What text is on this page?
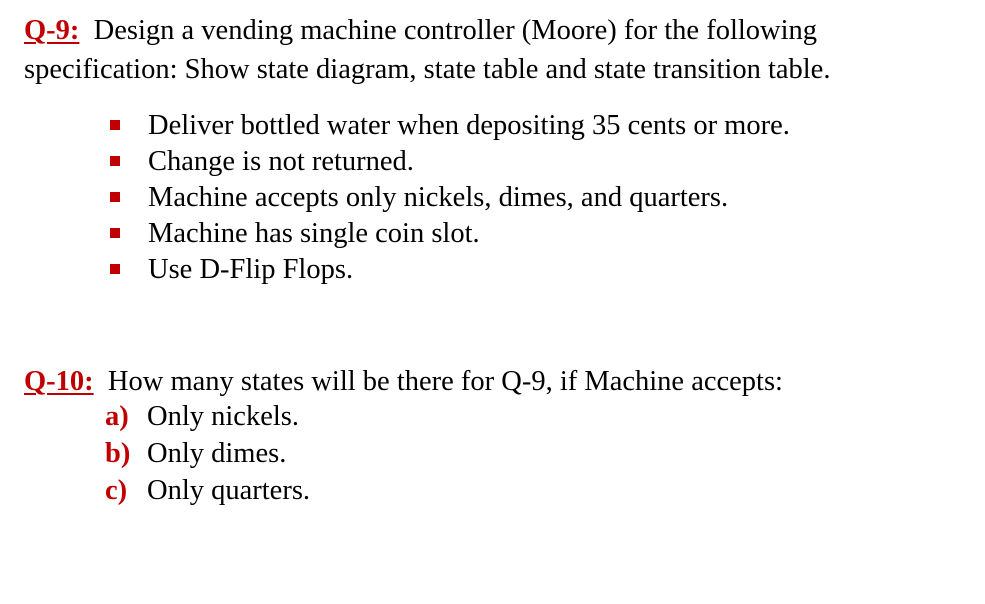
Q-9: Design a vending machine controller (Moore) for the following
specification: Show state diagram, state table and state transition table.

Deliver bottled water when depositing 35 cents or more.
Change is not returned.
Machine accepts only nickels, dimes, and quarters.
Machine has single coin slot.
Use D-Flip Flops.

Q-10: How many states will be there for Q-9, if Machine accepts:

a) Only nickels.
b) Only dimes.
c) Only quarters.
